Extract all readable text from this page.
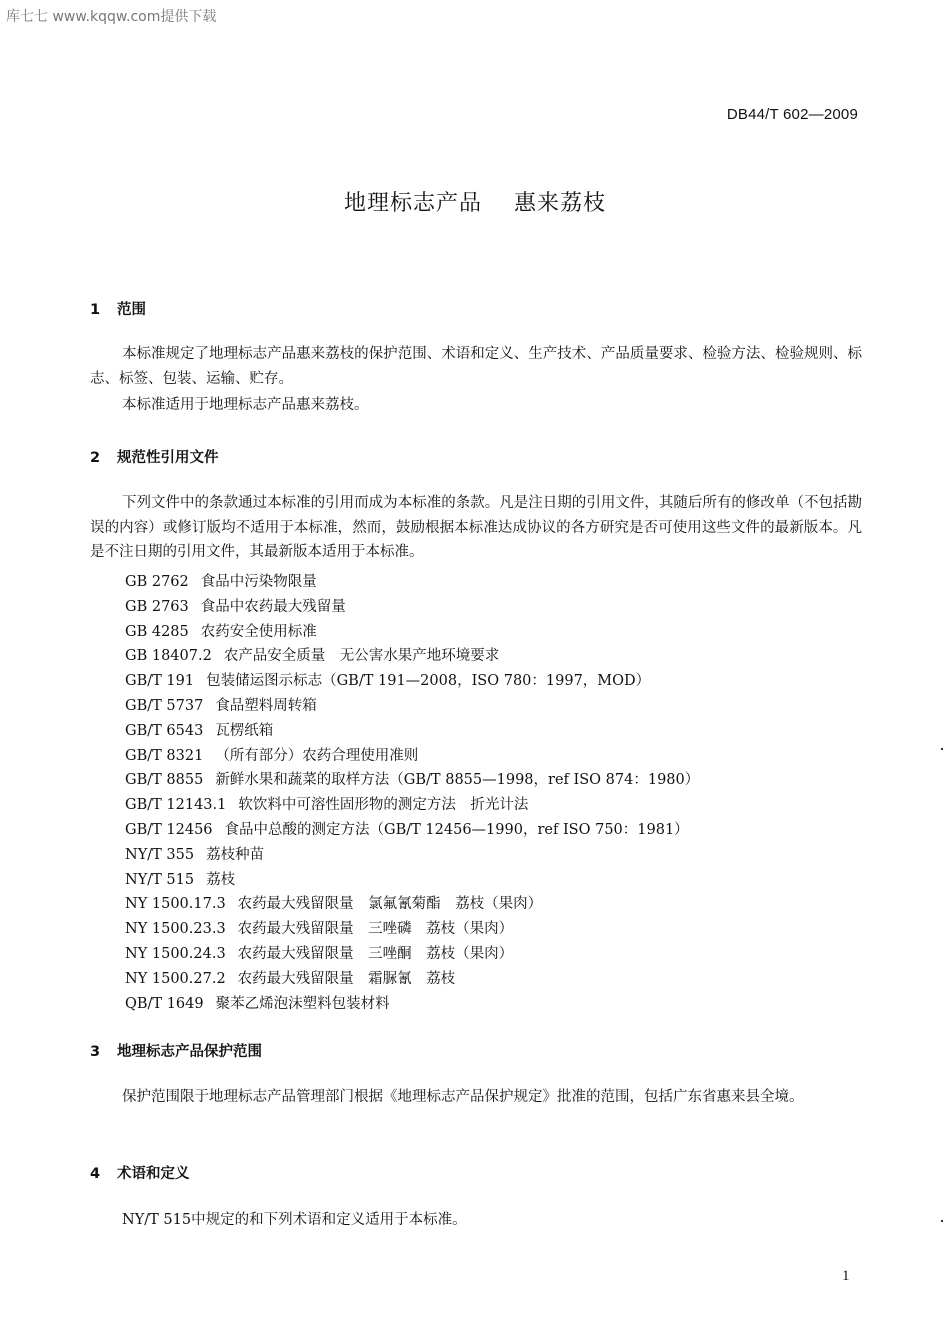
库七七 www.kqqw.com提供下载
DB44/T 602—2009
地理标志产品    惠来荔枝
1 范围

本标准规定了地理标志产品惠来荔枝的保护范围、术语和定义、生产技术、产品质量要求、检验方法、检验规则、标志、标签、包装、运输、贮存。

本标准适用于地理标志产品惠来荔枝。

2 规范性引用文件

下列文件中的条款通过本标准的引用而成为本标准的条款。凡是注日期的引用文件，其随后所有的修改单（不包括勘误的内容）或修订版均不适用于本标准，然而，鼓励根据本标准达成协议的各方研究是否可使用这些文件的最新版本。凡是不注日期的引用文件，其最新版本适用于本标准。

GB 2762 食品中污染物限量
GB 2763 食品中农药最大残留量
GB 4285 农药安全使用标准
GB 18407.2 农产品安全质量　无公害水果产地环境要求
GB/T 191 包装储运图示标志（GB/T 191—2008，ISO 780：1997，MOD）
GB/T 5737 食品塑料周转箱
GB/T 6543 瓦楞纸箱
GB/T 8321 （所有部分）农药合理使用准则
GB/T 8855 新鲜水果和蔬菜的取样方法（GB/T 8855—1998，ref ISO 874：1980）
GB/T 12143.1 软饮料中可溶性固形物的测定方法　折光计法
GB/T 12456 食品中总酸的测定方法（GB/T 12456—1990，ref ISO 750：1981）
NY/T 355 荔枝种苗
NY/T 515 荔枝
NY 1500.17.3 农药最大残留限量　氯氟氰菊酯　荔枝（果肉）
NY 1500.23.3 农药最大残留限量　三唑磷　荔枝（果肉）
NY 1500.24.3 农药最大残留限量　三唑酮　荔枝（果肉）
NY 1500.27.2 农药最大残留限量　霜脲氰　荔枝
QB/T 1649 聚苯乙烯泡沫塑料包装材料
3 地理标志产品保护范围

保护范围限于地理标志产品管理部门根据《地理标志产品保护规定》批准的范围，包括广东省惠来县全境。

4 术语和定义

NY/T 515中规定的和下列术语和定义适用于本标准。

1
